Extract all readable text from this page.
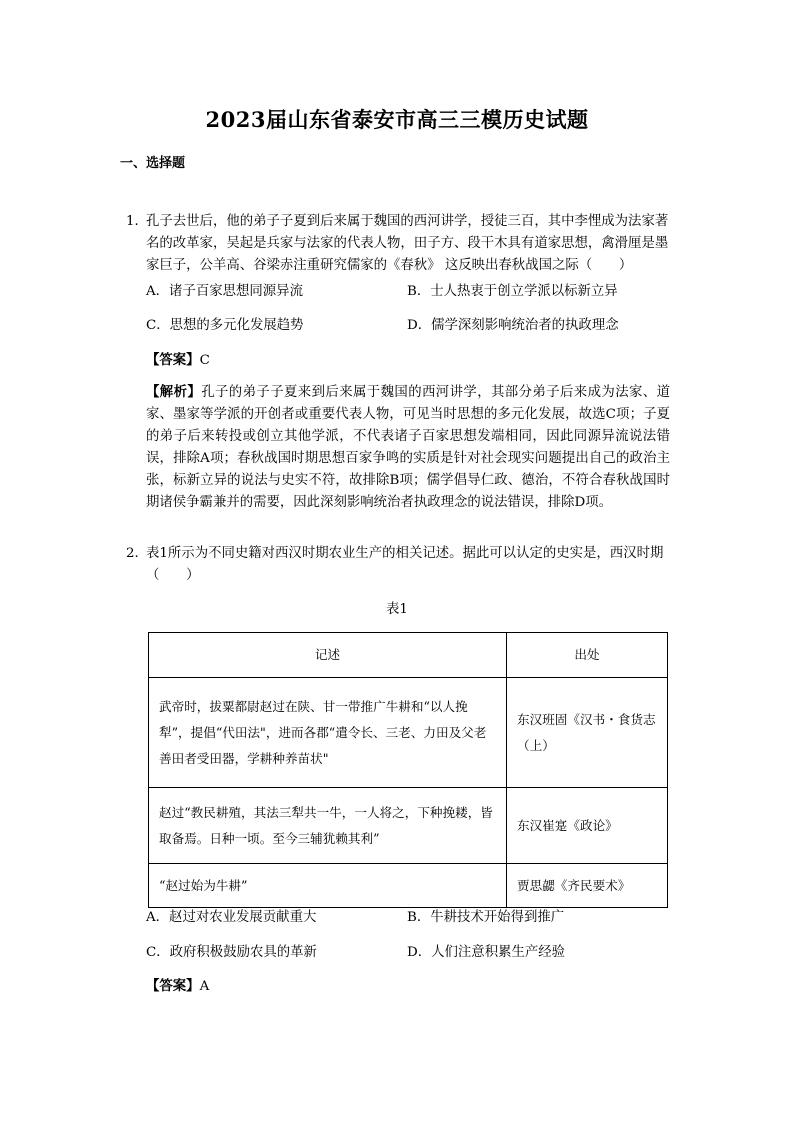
2023届山东省泰安市高三三模历史试题
一、选择题
1．
孔子去世后，他的弟子子夏到后来属于魏国的西河讲学，授徒三百，其中李悝成为法家著名的改革家，吴起是兵家与法家的代表人物，田子方、段干木具有道家思想，禽滑厘是墨家巨子，公羊高、谷梁赤注重研究儒家的《春秋》 这反映出春秋战国之际（　　）
A．诸子百家思想同源异流	B．士人热衷于创立学派以标新立异
C．思想的多元化发展趋势	D．儒学深刻影响统治者的执政理念
【答案】C
【解析】孔子的弟子子夏来到后来属于魏国的西河讲学，其部分弟子后来成为法家、道家、墨家等学派的开创者或重要代表人物，可见当时思想的多元化发展，故选C项；子夏的弟子后来转投或创立其他学派，不代表诸子百家思想发端相同，因此同源异流说法错误，排除A项；春秋战国时期思想百家争鸣的实质是针对社会现实问题提出自己的政治主张，标新立异的说法与史实不符，故排除B项；儒学倡导仁政、德治，不符合春秋战国时期诸侯争霸兼并的需要，因此深刻影响统治者执政理念的说法错误，排除D项。
2．
表1所示为不同史籍对西汉时期农业生产的相关记述。据此可以认定的史实是，西汉时期（　　）
表1
记述	出处
武帝时，拔粟都尉赵过在陕、甘一带推广牛耕和“以人挽犁”，提倡“代田法"，进而各郡“遣令长、三老、力田及父老善田者受田器，学耕种养苗状"	东汉班固《汉书・食货志（上）
赵过“教民耕殖，其法三犁共一牛，一人将之，下种挽耧，皆取备焉。日种一顷。至今三辅犹赖其利”	东汉崔寔《政论》
“赵过始为牛耕”	贾思勰《齐民要术》
A．赵过对农业发展贡献重大	B．牛耕技术开始得到推广
C．政府积极鼓励农具的革新	D．人们注意积累生产经验
【答案】A
